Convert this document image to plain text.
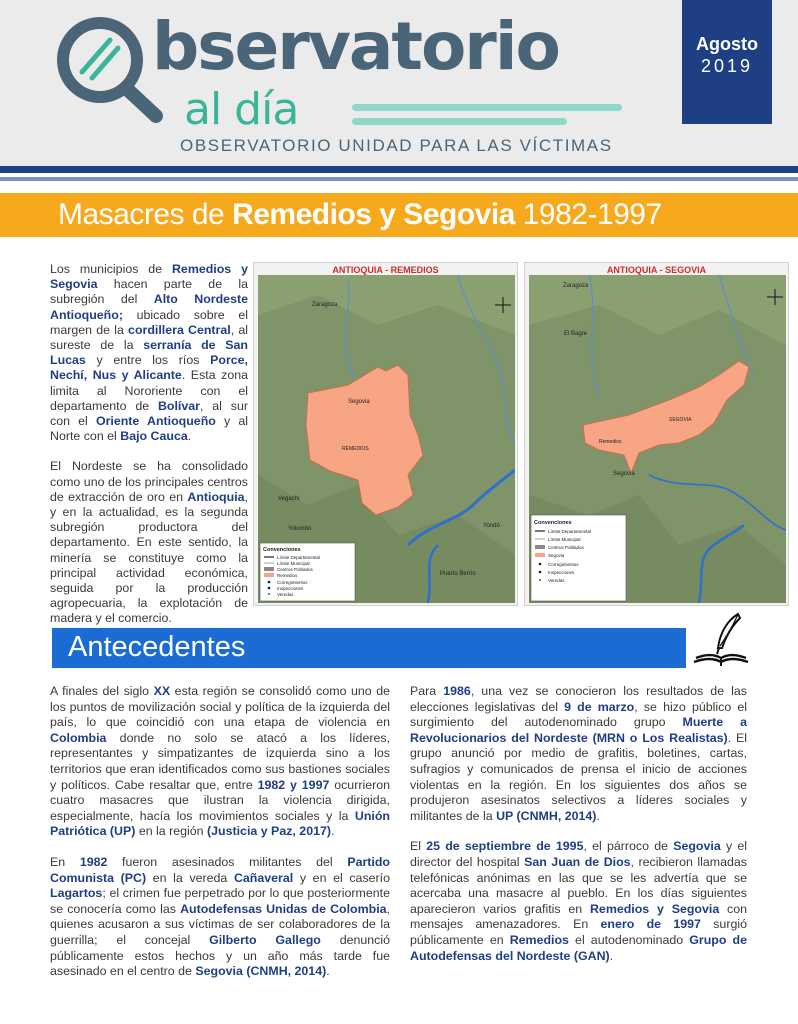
bservatorio
al día
OBSERVATORIO UNIDAD PARA LAS VÍCTIMAS
Agosto
2019
Masacres de Remedios y Segovia 1982-1997

Los municipios de Remedios y Segovia hacen parte de la subregión del Alto Nordeste Antioqueño; ubicado sobre el margen de la cordillera Central, al sureste de la serranía de San Lucas y entre los ríos Porce, Nechí, Nus y Alicante. Esta zona limita al Nororiente con el departamento de Bolívar, al sur con el Oriente Antioqueño y al Norte con el Bajo Cauca.

El Nordeste se ha consolidado como uno de los principales centros de extracción de oro en Antioquia, y en la actualidad, es la segunda subregión productora del departamento. En este sentido, la minería se constituye como la principal actividad económica, seguida por la producción agropecuaria, la explotación de madera y el comercio.

ANTIOQUIA - REMEDIOS
Zaragoza
Segovia
REMEDIOS
Vegachí
Yolombó
Puerto Berrío
Yondó
Convenciones
Límite Departamental
Límite Municipal
Centros Poblados
Remedios
Corregimientos
Inspecciones
Veredas
ANTIOQUIA - SEGOVIA
El Bagre
Zaragoza
SEGOVIA
Remedios
Segovia
Convenciones
Límite Departamental
Límite Municipal
Centros Poblados
Segovia
Corregimientos
Inspecciones
Veredas
Antecedentes

A finales del siglo XX esta región se consolidó como uno de los puntos de movilización social y política de la izquierda del país, lo que coincidió con una etapa de violencia en Colombia donde no solo se atacó a los líderes, representantes y simpatizantes de izquierda sino a los territorios que eran identificados como sus bastiones sociales y políticos. Cabe resaltar que, entre 1982 y 1997 ocurrieron cuatro masacres que ilustran la violencia dirigida, especialmente, hacía los movimientos sociales y la Unión Patriótica (UP) en la región (Justicia y Paz, 2017).

En 1982 fueron asesinados militantes del Partido Comunista (PC) en la vereda Cañaveral y en el caserío Lagartos; el crimen fue perpetrado por lo que posteriormente se conocería como las Autodefensas Unidas de Colombia, quienes acusaron a sus víctimas de ser colaboradores de la guerrilla; el concejal Gilberto Gallego denunció públicamente estos hechos y un año más tarde fue asesinado en el centro de Segovia (CNMH, 2014).

Para 1986, una vez se conocieron los resultados de las elecciones legislativas del 9 de marzo, se hizo público el surgimiento del autodenominado grupo Muerte a Revolucionarios del Nordeste (MRN o Los Realistas). El grupo anunció por medio de grafitis, boletines, cartas, sufragios y comunicados de prensa el inicio de acciones violentas en la región. En los siguientes dos años se produjeron asesinatos selectivos a líderes sociales y militantes de la UP (CNMH, 2014).

El 25 de septiembre de 1995, el párroco de Segovia y el director del hospital San Juan de Dios, recibieron llamadas telefónicas anónimas en las que se les advertía que se acercaba una masacre al pueblo. En los días siguientes aparecieron varios grafitis en Remedios y Segovia con mensajes amenazadores. En enero de 1997 surgió públicamente en Remedios el autodenominado Grupo de Autodefensas del Nordeste (GAN).
